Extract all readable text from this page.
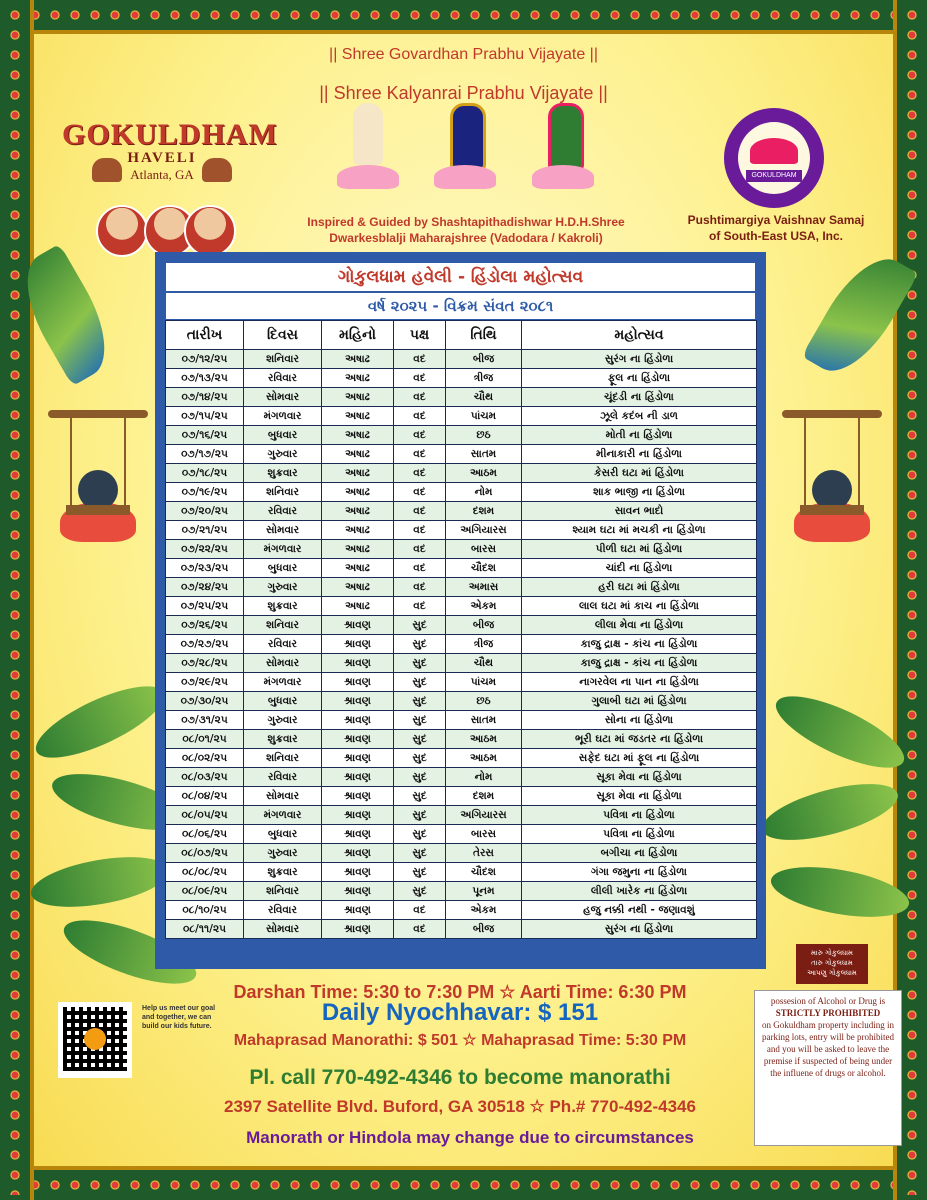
|| Shree Govardhan Prabhu Vijayate ||
|| Shree Kalyanrai Prabhu Vijayate ||
GOKULDHAM
HAVELI
Atlanta, GA
Inspired & Guided by Shashtapithadishwar H.D.H.Shree
Dwarkesblalji Maharajshree (Vadodara / Kakroli)
GOKULDHAM
Pushtimargiya Vaishnav Samaj
of South-East USA, Inc.
ગોકુલધામ હવેલી - હિંડોલા મહોત્સવ
વર્ષ ૨૦૨૫ - વિક્રમ સંવત ૨૦૮૧
તારીખ	દિવસ	મહિનો	પક્ષ	તિથિ	મહોત્સવ
૦૭/૧૨/૨૫	શનિવાર	અષાઢ	વદ	બીજ	સુરંગ ના હિંડોળા
૦૭/૧૩/૨૫	રવિવાર	અષાઢ	વદ	ત્રીજ	ફૂલ ના હિંડોળા
૦૭/૧૪/૨૫	સોમવાર	અષાઢ	વદ	ચૌથ	ચૂંદડી ના હિંડોળા
૦૭/૧૫/૨૫	મંગળવાર	અષાઢ	વદ	પાંચમ	ઝૂલે કદંબ ની ડાળ
૦૭/૧૬/૨૫	બુધવાર	અષાઢ	વદ	છઠ	મોતી ના હિંડોળા
૦૭/૧૭/૨૫	ગુરુવાર	અષાઢ	વદ	સાતમ	મીનાકારી ના હિંડોળા
૦૭/૧૮/૨૫	શુક્રવાર	અષાઢ	વદ	આઠમ	કેસરી ઘટા માં હિંડોળા
૦૭/૧૯/૨૫	શનિવાર	અષાઢ	વદ	નોમ	શાક ભાજી ના હિંડોળા
૦૭/૨૦/૨૫	રવિવાર	અષાઢ	વદ	દશમ	સાવન ભાદો
૦૭/૨૧/૨૫	સોમવાર	અષાઢ	વદ	અગિયારસ	શ્યામ ઘટા માં મચકી ના હિંડોળા
૦૭/૨૨/૨૫	મંગળવાર	અષાઢ	વદ	બારસ	પીળી ઘટા માં હિંડોળા
૦૭/૨૩/૨૫	બુધવાર	અષાઢ	વદ	ચૌદશ	ચાંદી ના હિંડોળા
૦૭/૨૪/૨૫	ગુરુવાર	અષાઢ	વદ	અમાસ	હરી ઘટા માં હિંડોળા
૦૭/૨૫/૨૫	શુક્રવાર	અષાઢ	વદ	એકમ	લાલ ઘટા માં કાચ ના હિંડોળા
૦૭/૨૬/૨૫	શનિવાર	શ્રાવણ	સુદ	બીજ	લીલા મેવા ના હિંડોળા
૦૭/૨૭/૨૫	રવિવાર	શ્રાવણ	સુદ	ત્રીજ	કાજુ દ્રાક્ષ - કાંચ ના હિંડોળા
૦૭/૨૮/૨૫	સોમવાર	શ્રાવણ	સુદ	ચૌથ	કાજુ દ્રાક્ષ - કાંચ ના હિંડોળા
૦૭/૨૯/૨૫	મંગળવાર	શ્રાવણ	સુદ	પાંચમ	નાગરવેલ ના પાન ના હિંડોળા
૦૭/૩૦/૨૫	બુધવાર	શ્રાવણ	સુદ	છઠ	ગુલાબી ઘટા માં હિંડોળા
૦૭/૩૧/૨૫	ગુરુવાર	શ્રાવણ	સુદ	સાતમ	સોના ના હિંડોળા
૦૮/૦૧/૨૫	શુક્રવાર	શ્રાવણ	સુદ	આઠમ	ભૂરી ઘટા માં જડતર ના હિંડોળા
૦૮/૦૨/૨૫	શનિવાર	શ્રાવણ	સુદ	આઠમ	સફેદ ઘટા માં ફૂલ ના હિંડોળા
૦૮/૦૩/૨૫	રવિવાર	શ્રાવણ	સુદ	નોમ	સૂકા મેવા ના હિંડોળા
૦૮/૦૪/૨૫	સોમવાર	શ્રાવણ	સુદ	દશમ	સૂકા મેવા ના હિંડોળા
૦૮/૦૫/૨૫	મંગળવાર	શ્રાવણ	સુદ	અગિયારસ	પવિત્રા ના હિંડોળા
૦૮/૦૬/૨૫	બુધવાર	શ્રાવણ	સુદ	બારસ	પવિત્રા ના હિંડોળા
૦૮/૦૭/૨૫	ગુરુવાર	શ્રાવણ	સુદ	તેરસ	બગીચા ના હિંડોળા
૦૮/૦૮/૨૫	શુક્રવાર	શ્રાવણ	સુદ	ચૌદશ	ગંગા જમુના ના હિંડોળા
૦૮/૦૯/૨૫	શનિવાર	શ્રાવણ	સુદ	પૂનમ	લીલી ખારેક ના હિંડોળા
૦૮/૧૦/૨૫	રવિવાર	શ્રાવણ	વદ	એકમ	હજુ નક્કી નથી - જણાવશું
૦૮/૧૧/૨૫	સોમવાર	શ્રાવણ	વદ	બીજ	સુરંગ ના હિંડોળા
મારુ ગોકુલધામ
તારુ ગોકુલધામ
આપણુ ગોકુલધામ
possesion of Alcohol or Drug is
STRICTLY PROHIBITED
on Gokuldham property including in parking lots, entry will be prohibited and you will be asked to leave the premise if suspected of being under the influene of drugs or alcohol.
Help us meet our goal and together, we can build our kids future.
Darshan Time: 5:30 to 7:30 PM ☆ Aarti Time: 6:30 PM
Daily Nyochhavar: $ 151
Mahaprasad Manorathi: $ 501 ☆ Mahaprasad Time: 5:30 PM
Pl. call 770-492-4346 to become manorathi
2397 Satellite Blvd. Buford, GA 30518 ☆ Ph.# 770-492-4346
Manorath or Hindola may change due to circumstances
